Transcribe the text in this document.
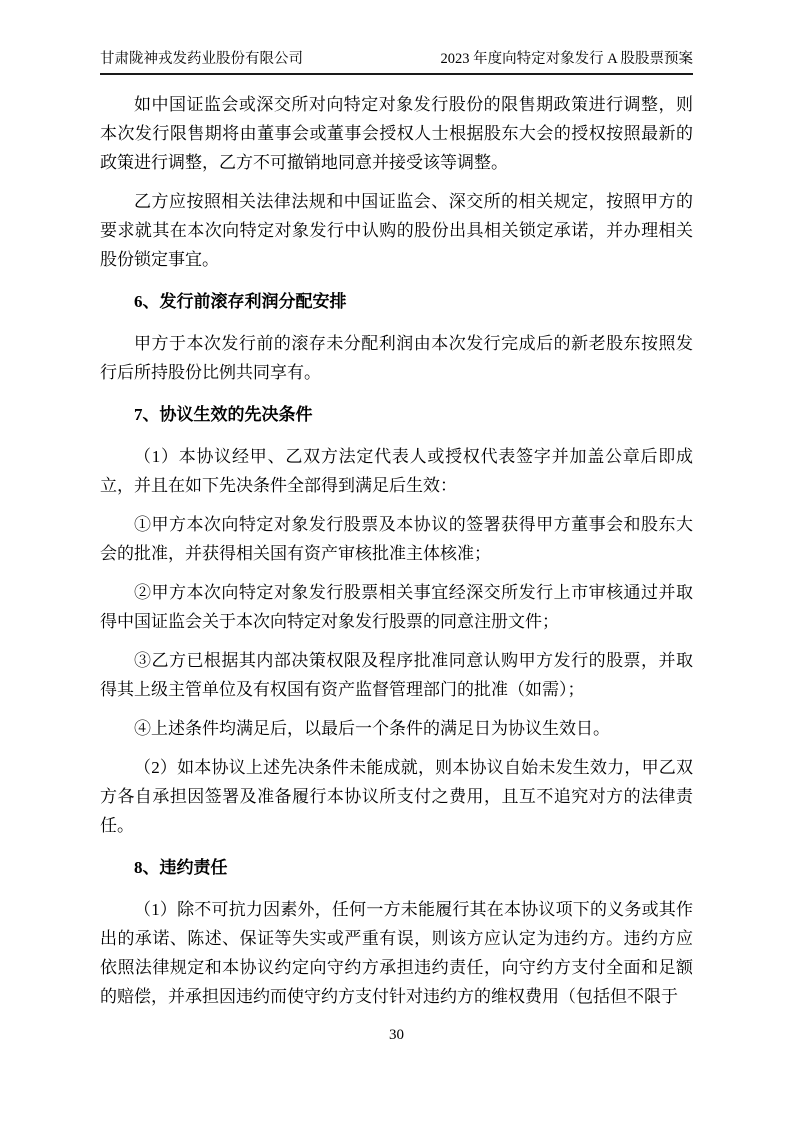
甘肃陇神戎发药业股份有限公司	2023 年度向特定对象发行 A 股股票预案

如中国证监会或深交所对向特定对象发行股份的限售期政策进行调整，则本次发行限售期将由董事会或董事会授权人士根据股东大会的授权按照最新的政策进行调整，乙方不可撤销地同意并接受该等调整。

乙方应按照相关法律法规和中国证监会、深交所的相关规定，按照甲方的要求就其在本次向特定对象发行中认购的股份出具相关锁定承诺，并办理相关股份锁定事宜。

6、发行前滚存利润分配安排

甲方于本次发行前的滚存未分配利润由本次发行完成后的新老股东按照发行后所持股份比例共同享有。

7、协议生效的先决条件

（1）本协议经甲、乙双方法定代表人或授权代表签字并加盖公章后即成立，并且在如下先决条件全部得到满足后生效：

①甲方本次向特定对象发行股票及本协议的签署获得甲方董事会和股东大会的批准，并获得相关国有资产审核批准主体核准；

②甲方本次向特定对象发行股票相关事宜经深交所发行上市审核通过并取得中国证监会关于本次向特定对象发行股票的同意注册文件；

③乙方已根据其内部决策权限及程序批准同意认购甲方发行的股票，并取得其上级主管单位及有权国有资产监督管理部门的批准（如需）；

④上述条件均满足后，以最后一个条件的满足日为协议生效日。

（2）如本协议上述先决条件未能成就，则本协议自始未发生效力，甲乙双方各自承担因签署及准备履行本协议所支付之费用，且互不追究对方的法律责任。

8、违约责任

（1）除不可抗力因素外，任何一方未能履行其在本协议项下的义务或其作出的承诺、陈述、保证等失实或严重有误，则该方应认定为违约方。违约方应依照法律规定和本协议约定向守约方承担违约责任，向守约方支付全面和足额的赔偿，并承担因违约而使守约方支付针对违约方的维权费用（包括但不限于

30
